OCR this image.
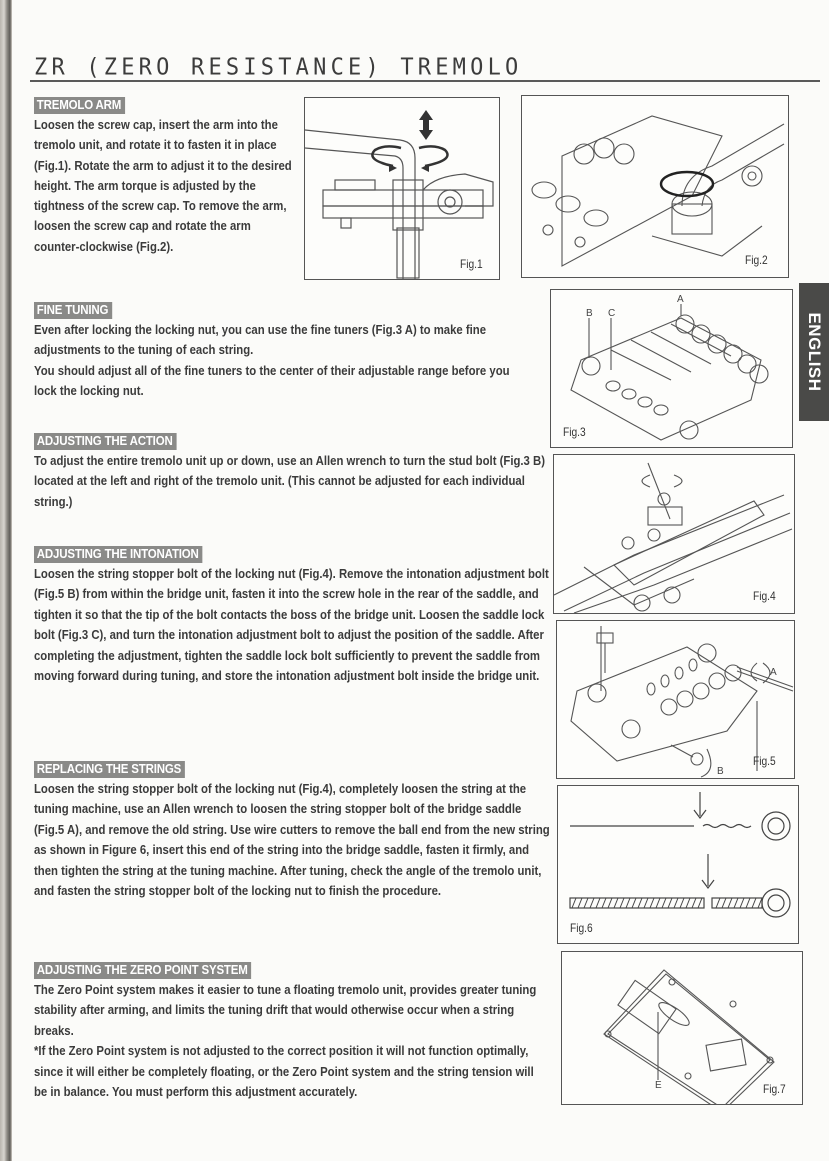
ZR (ZERO RESISTANCE) TREMOLO
TREMOLO ARM

Loosen the screw cap, insert the arm into the tremolo unit, and rotate it to fasten it in place (Fig.1). Rotate the arm to adjust it to the desired height. The arm torque is adjusted by the tightness of the screw cap. To remove the arm, loosen the screw cap and rotate the arm counter-clockwise (Fig.2).

FINE TUNING

Even after locking the locking nut, you can use the fine tuners (Fig.3 A) to make fine adjustments to the tuning of each string.

You should adjust all of the fine tuners to the center of their adjustable range before you lock the locking nut.

ADJUSTING THE ACTION

To adjust the entire tremolo unit up or down, use an Allen wrench to turn the stud bolt (Fig.3 B) located at the left and right of the tremolo unit. (This cannot be adjusted for each individual string.)

ADJUSTING THE INTONATION

Loosen the string stopper bolt of the locking nut (Fig.4). Remove the intonation adjustment bolt (Fig.5 B) from within the bridge unit, fasten it into the screw hole in the rear of the saddle, and tighten it so that the tip of the bolt contacts the boss of the bridge unit. Loosen the saddle lock bolt (Fig.3 C), and turn the intonation adjustment bolt to adjust the position of the saddle. After completing the adjustment, tighten the saddle lock bolt sufficiently to prevent the saddle from moving forward during tuning, and store the intonation adjustment bolt inside the bridge unit.

REPLACING THE STRINGS

Loosen the string stopper bolt of the locking nut (Fig.4), completely loosen the string at the tuning machine, use an Allen wrench to loosen the string stopper bolt of the bridge saddle (Fig.5 A), and remove the old string. Use wire cutters to remove the ball end from the new string as shown in Figure 6, insert this end of the string into the bridge saddle, fasten it firmly, and then tighten the string at the tuning machine. After tuning, check the angle of the tremolo unit, and fasten the string stopper bolt of the locking nut to finish the procedure.

ADJUSTING THE ZERO POINT SYSTEM

The Zero Point system makes it easier to tune a floating tremolo unit, provides greater tuning stability after arming, and limits the tuning drift that would otherwise occur when a string breaks.

*If the Zero Point system is not adjusted to the correct position it will not function optimally, since it will either be completely floating, or the Zero Point system and the string tension will be in balance. You must perform this adjustment accurately.

ENGLISH
Fig.1	Fig.2
A
B C
Fig.3
Fig.4
A
B
Fig.5
Fig.6
E	Fig.7
